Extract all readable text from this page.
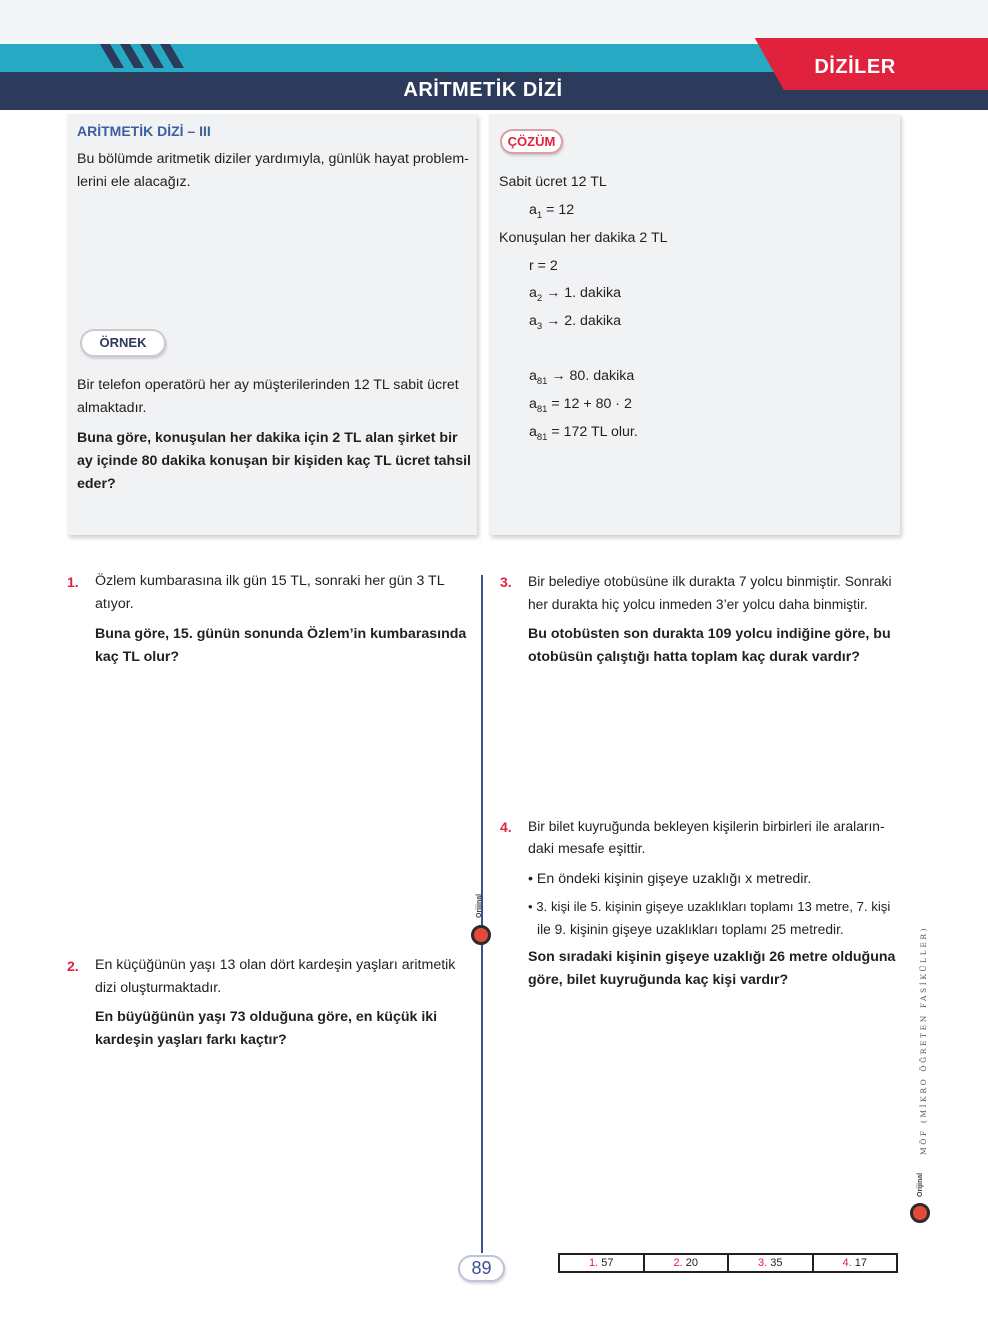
ARİTMETİK DİZİ
DİZİLER
ARİTMETİK DİZİ – III
Bu bölümde aritmetik diziler yardımıyla, günlük hayat problem-
lerini ele alacağız.
ÖRNEK
Bir telefon operatörü her ay müşterilerinden 12 TL sabit ücret
almaktadır.
Buna göre, konuşulan her dakika için 2 TL alan şirket bir
ay içinde 80 dakika konuşan bir kişiden kaç TL ücret tahsil
eder?
ÇÖZÜM
Sabit ücret 12 TL
$a_1 = 12$
Konuşulan her dakika 2 TL
r = 2
$a_2 \to 1$. dakika
$a_3 \to 2$. dakika
$a_{81} \to 80$. dakika
$a_{81} = 12 + 80 \cdot 2$
$a_{81} = 172$ TL olur.
1. Özlem kumbarasına ilk gün 15 TL, sonraki her gün 3 TL
atıyor.
Buna göre, 15. günün sonunda Özlem’in kumbarasında
kaç TL olur?
2. En küçüğünün yaşı 13 olan dört kardeşin yaşları aritmetik
dizi oluşturmaktadır.
En büyüğünün yaşı 73 olduğuna göre, en küçük iki
kardeşin yaşları farkı kaçtır?
3. Bir belediye otobüsüne ilk durakta 7 yolcu binmiştir. Sonraki
her durakta hiç yolcu inmeden 3’er yolcu daha binmiştir.
Bu otobüsten son durakta 109 yolcu indiğine göre, bu
otobüsün çalıştığı hatta toplam kaç durak vardır?
4. Bir bilet kuyruğunda bekleyen kişilerin birbirleri ile araların-
daki mesafe eşittir.
• En öndeki kişinin gişeye uzaklığı x metredir.
• 3. kişi ile 5. kişinin gişeye uzaklıkları toplamı 13 metre, 7. kişi
ile 9. kişinin gişeye uzaklıkları toplamı 25 metredir.
Son sıradaki kişinin gişeye uzaklığı 26 metre olduğuna
göre, bilet kuyruğunda kaç kişi vardır?
Orijinal
MÖF (MİKRO ÖĞRETEN FASİKÜLLER)
Orijinal
89	1. 57	2. 20	3. 35	4. 17
